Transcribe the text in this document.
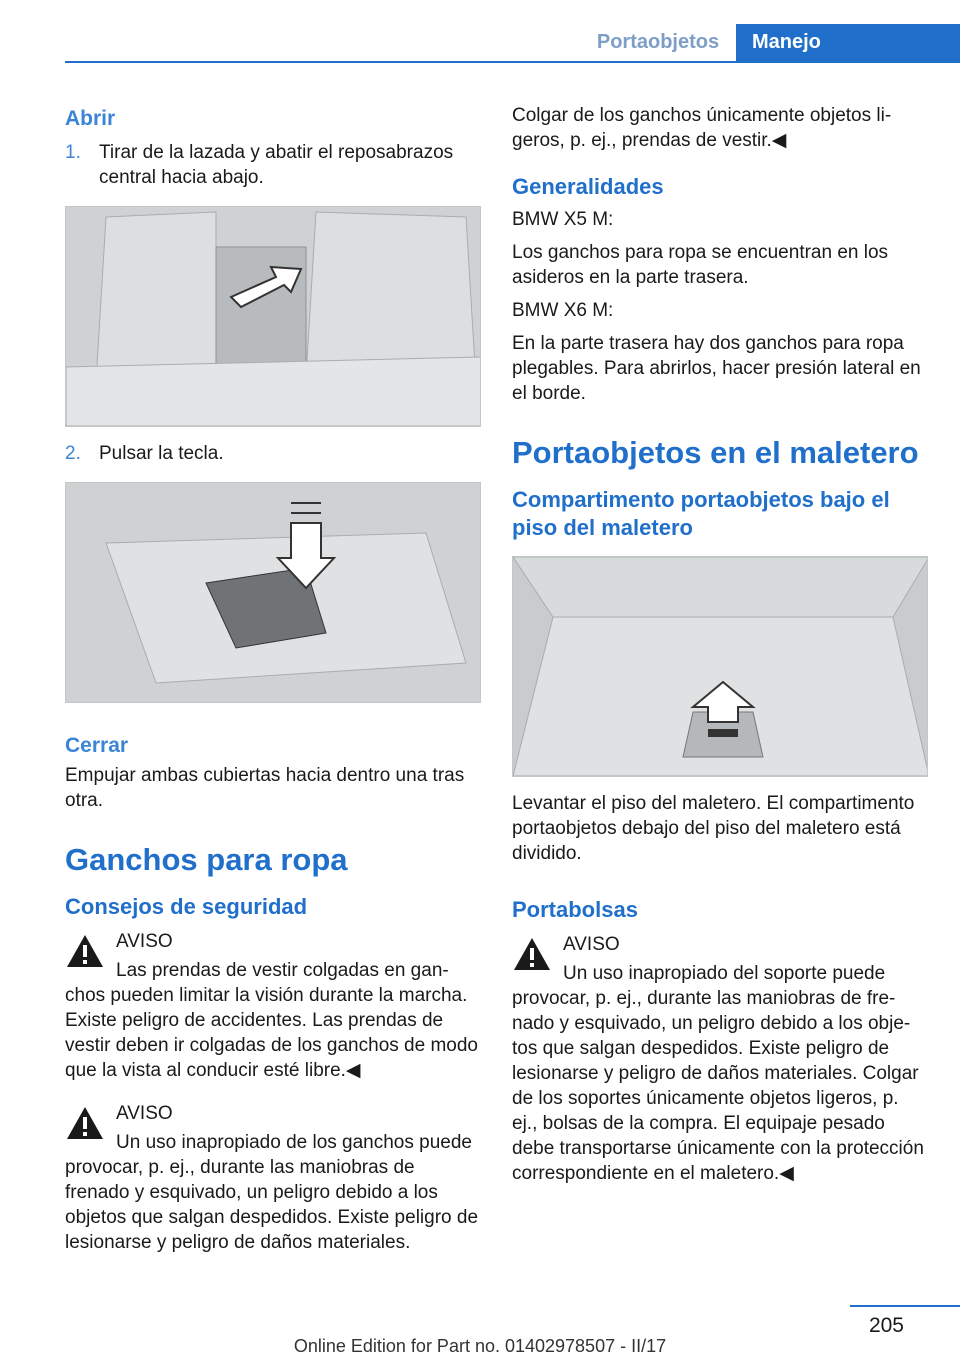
Portaobjetos	Manejo
Abrir
1. Tirar de la lazada y abatir el reposabrazos central hacia abajo.
2. Pulsar la tecla.
Cerrar
Empujar ambas cubiertas hacia dentro una tras otra.
Ganchos para ropa
Consejos de seguridad
AVISO
Las prendas de vestir colgadas en ganchos pueden limitar la visión durante la marcha. Existe peligro de accidentes. Las prendas de vestir deben ir colgadas de los ganchos de modo que la vista al conducir esté libre.◀
AVISO
Un uso inapropiado de los ganchos puede provocar, p. ej., durante las maniobras de frenado y esquivado, un peligro debido a los objetos que salgan despedidos. Existe peligro de lesionarse y peligro de daños materiales.
Colgar de los ganchos únicamente objetos ligeros, p. ej., prendas de vestir.◀
Generalidades
BMW X5 M:
Los ganchos para ropa se encuentran en los asideros en la parte trasera.
BMW X6 M:
En la parte trasera hay dos ganchos para ropa plegables. Para abrirlos, hacer presión lateral en el borde.
Portaobjetos en el maletero
Compartimento portaobjetos bajo el piso del maletero
Levantar el piso del maletero. El compartimento portaobjetos debajo del piso del maletero está dividido.
Portabolsas
AVISO
Un uso inapropiado del soporte puede provocar, p. ej., durante las maniobras de frenado y esquivado, un peligro debido a los objetos que salgan despedidos. Existe peligro de lesionarse y peligro de daños materiales. Colgar de los soportes únicamente objetos ligeros, p. ej., bolsas de la compra. El equipaje pesado debe transportarse únicamente con la protección correspondiente en el maletero.◀
205
Online Edition for Part no. 01402978507 - II/17
